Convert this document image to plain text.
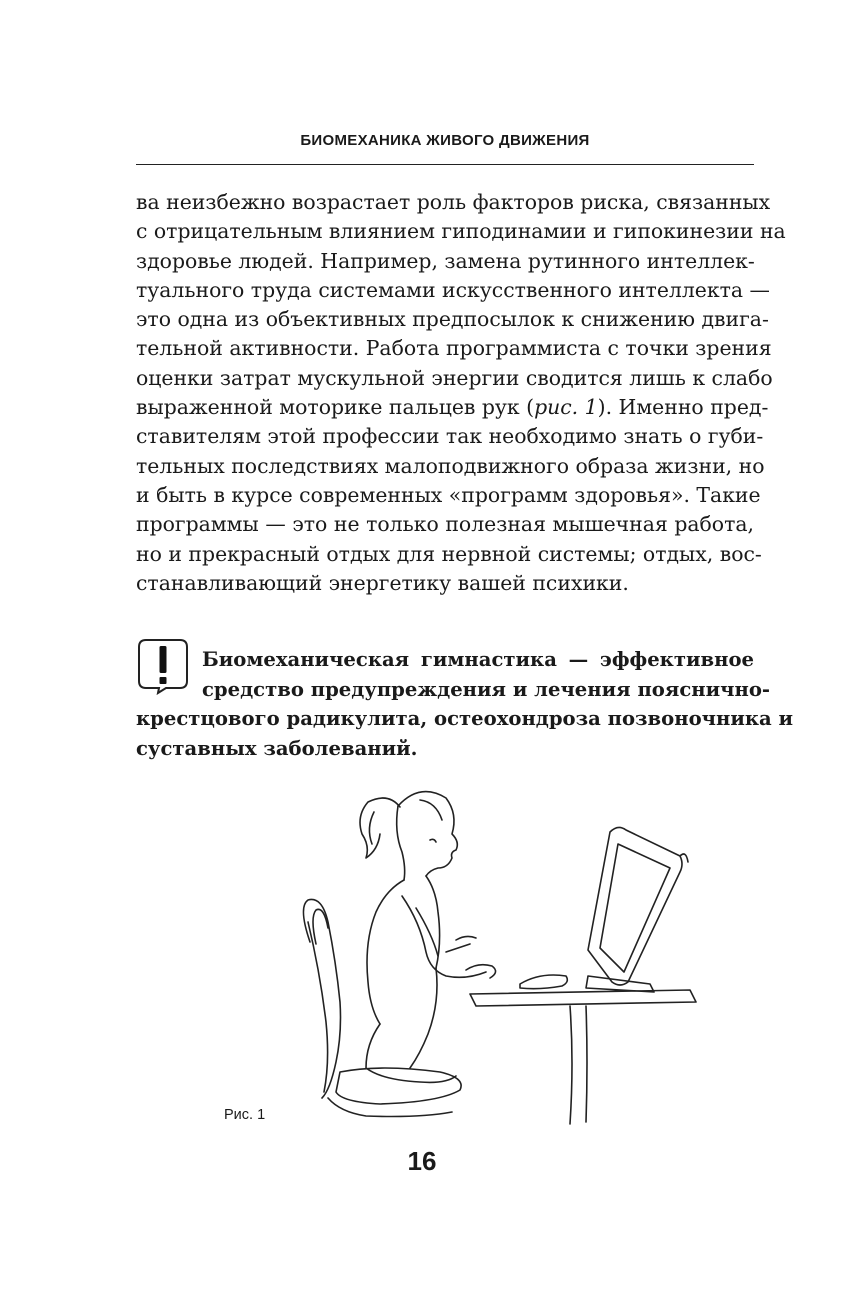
БИОМЕХАНИКА ЖИВОГО ДВИЖЕНИЯ
ва неизбежно возрастает роль факторов риска, связанных
с отрицательным влиянием гиподинамии и гипокинезии на
здоровье людей. Например, замена рутинного интеллек-
туального труда системами искусственного интеллекта —
это одна из объективных предпосылок к снижению двига-
тельной активности. Работа программиста с точки зрения
оценки затрат мускульной энергии сводится лишь к слабо
выраженной моторике пальцев рук (рис. 1). Именно пред-
ставителям этой профессии так необходимо знать о губи-
тельных последствиях малоподвижного образа жизни, но
и быть в курсе современных «программ здоровья». Такие
программы — это не только полезная мышечная работа,
но и прекрасный отдых для нервной системы; отдых, вос-
станавливающий энергетику вашей психики.
Биомеханическая гимнастика — эффективное
средство предупреждения и лечения пояснично-
крестцового радикулита, остеохондроза позвоночника и
суставных заболеваний.
Рис. 1
16
